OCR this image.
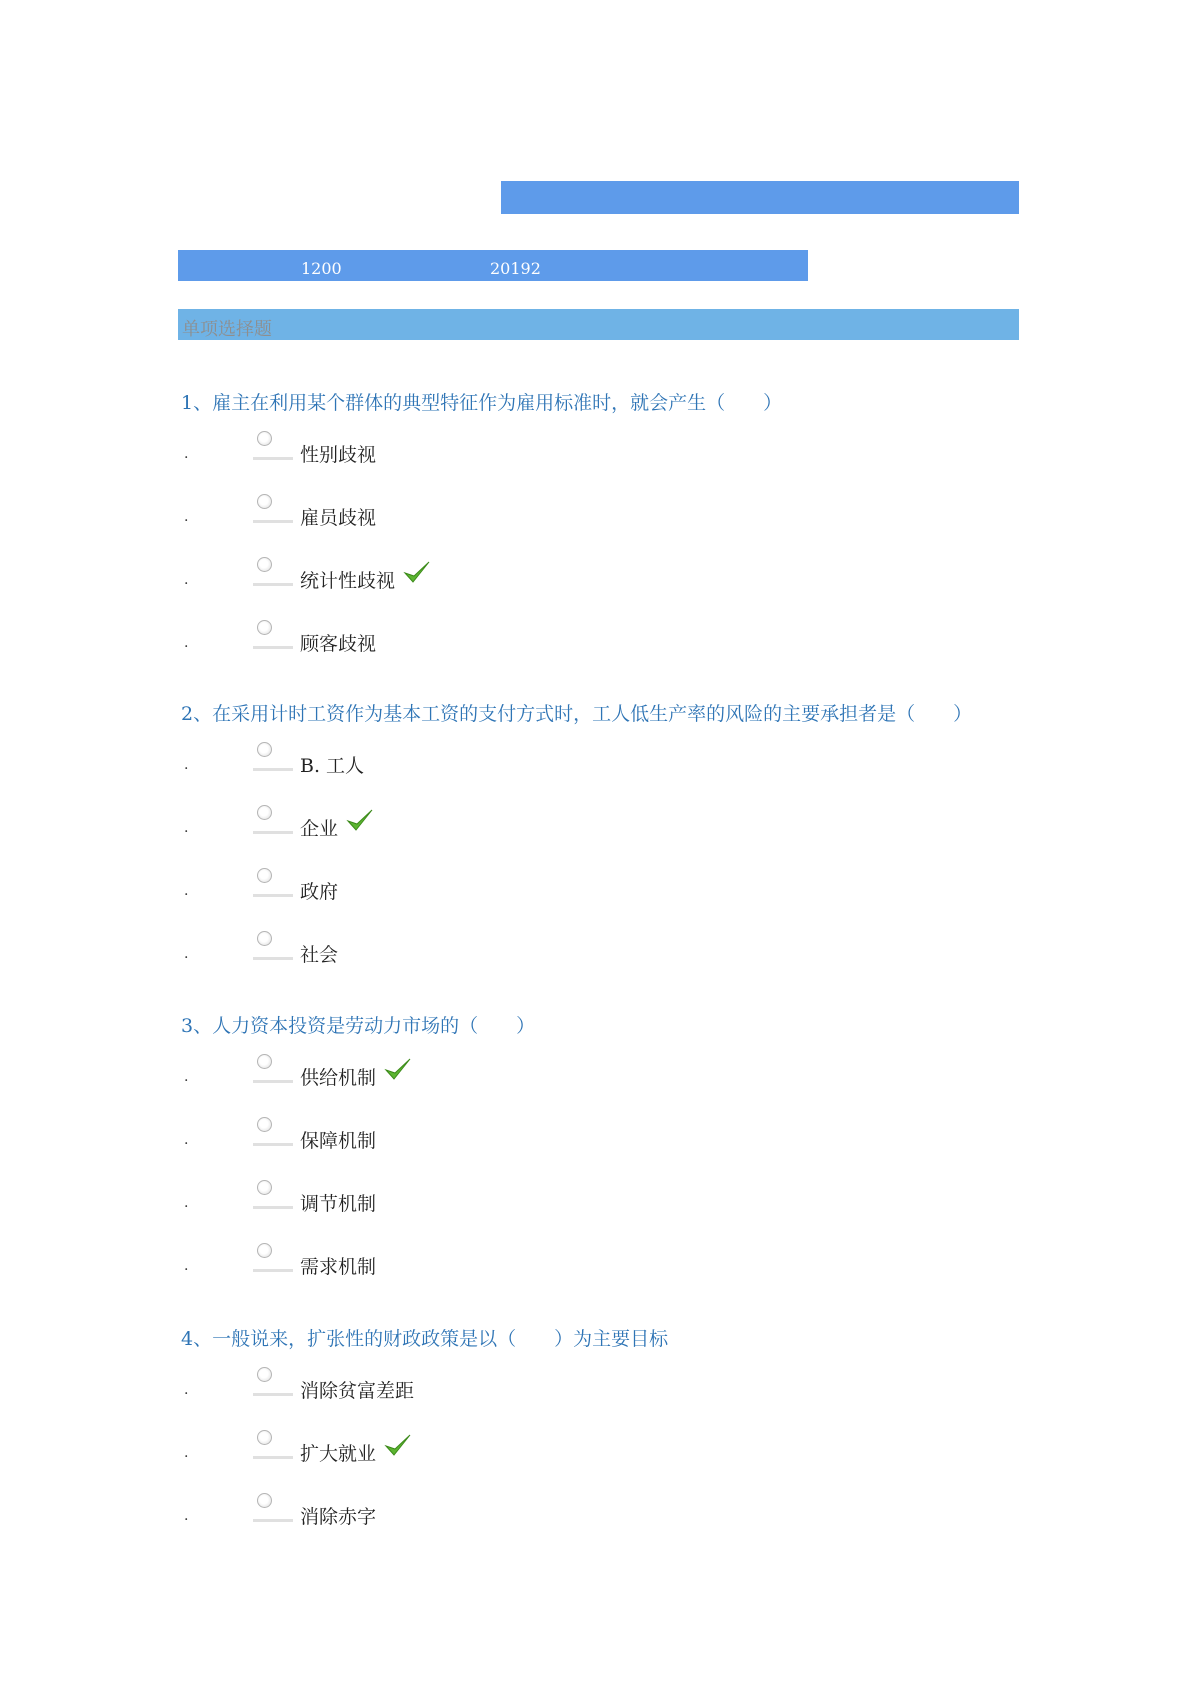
1200	20192
单项选择题
1、雇主在利用某个群体的典型特征作为雇用标准时，就会产生（　　）
.	性别歧视
.	雇员歧视
.	统计性歧视
.	顾客歧视
2、在采用计时工资作为基本工资的支付方式时，工人低生产率的风险的主要承担者是（　　）
.	B. 工人
.	企业
.	政府
.	社会
3、人力资本投资是劳动力市场的（　　）
.	供给机制
.	保障机制
.	调节机制
.	需求机制
4、一般说来，扩张性的财政政策是以（　　）为主要目标
.	消除贫富差距
.	扩大就业
.	消除赤字
